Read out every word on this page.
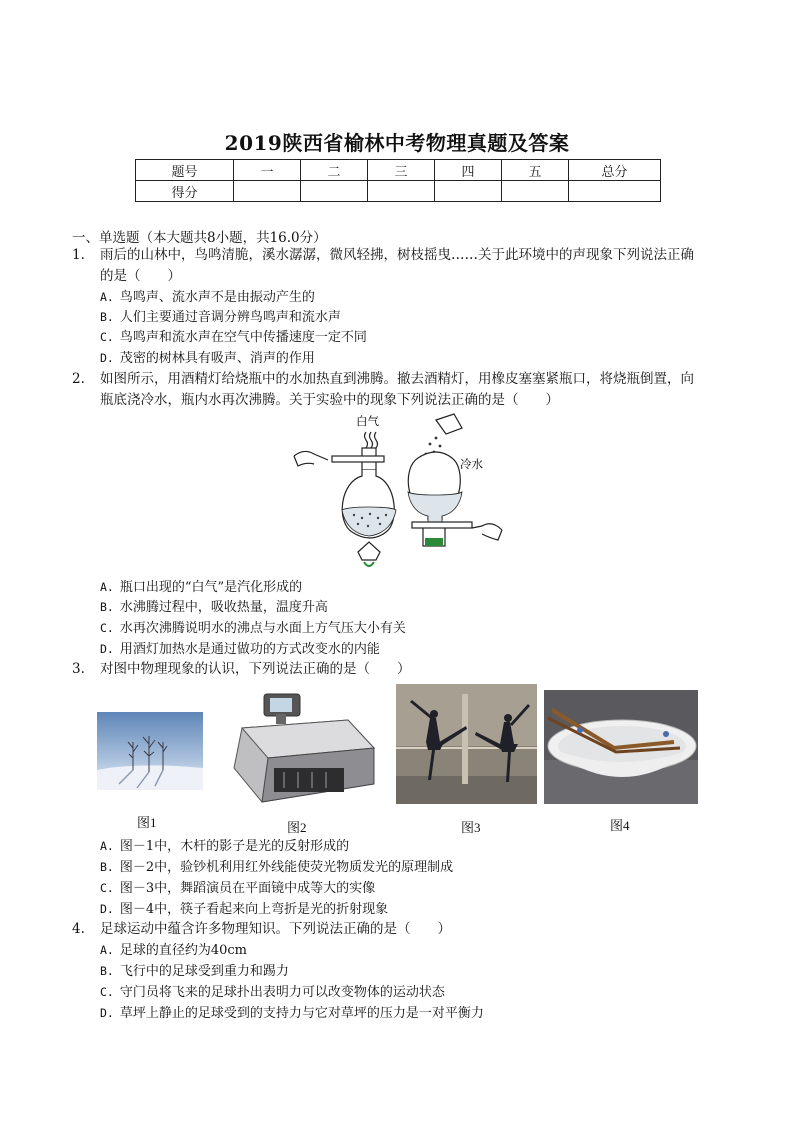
2019陕西省榆林中考物理真题及答案
题号	一	二	三	四	五	总分
得分						
一、单选题（本大题共8小题，共16.0分）
1.	雨后的山林中，鸟鸣清脆，溪水潺潺，微风轻拂，树枝摇曳……关于此环境中的声现象下列说法正确
的是（　　）
A. 鸟鸣声、流水声不是由振动产生的
B. 人们主要通过音调分辨鸟鸣声和流水声
C. 鸟鸣声和流水声在空气中传播速度一定不同
D. 茂密的树林具有吸声、消声的作用
2.	如图所示，用酒精灯给烧瓶中的水加热直到沸腾。撤去酒精灯，用橡皮塞塞紧瓶口，将烧瓶倒置，向
瓶底浇冷水，瓶内水再次沸腾。关于实验中的现象下列说法正确的是（　　）
白气
冷水
A. 瓶口出现的“白气”是汽化形成的
B. 水沸腾过程中，吸收热量，温度升高
C. 水再次沸腾说明水的沸点与水面上方气压大小有关
D. 用酒灯加热水是通过做功的方式改变水的内能
3.	对图中物理现象的认识，下列说法正确的是（　　）
图1	图2	图3	图4
A. 图－1中，木杆的影子是光的反射形成的
B. 图－2中，验钞机利用红外线能使荧光物质发光的原理制成
C. 图－3中，舞蹈演员在平面镜中成等大的实像
D. 图－4中，筷子看起来向上弯折是光的折射现象
4.	足球运动中蕴含许多物理知识。下列说法正确的是（　　）
A. 足球的直径约为40cm
B. 飞行中的足球受到重力和踢力
C. 守门员将飞来的足球扑出表明力可以改变物体的运动状态
D. 草坪上静止的足球受到的支持力与它对草坪的压力是一对平衡力
